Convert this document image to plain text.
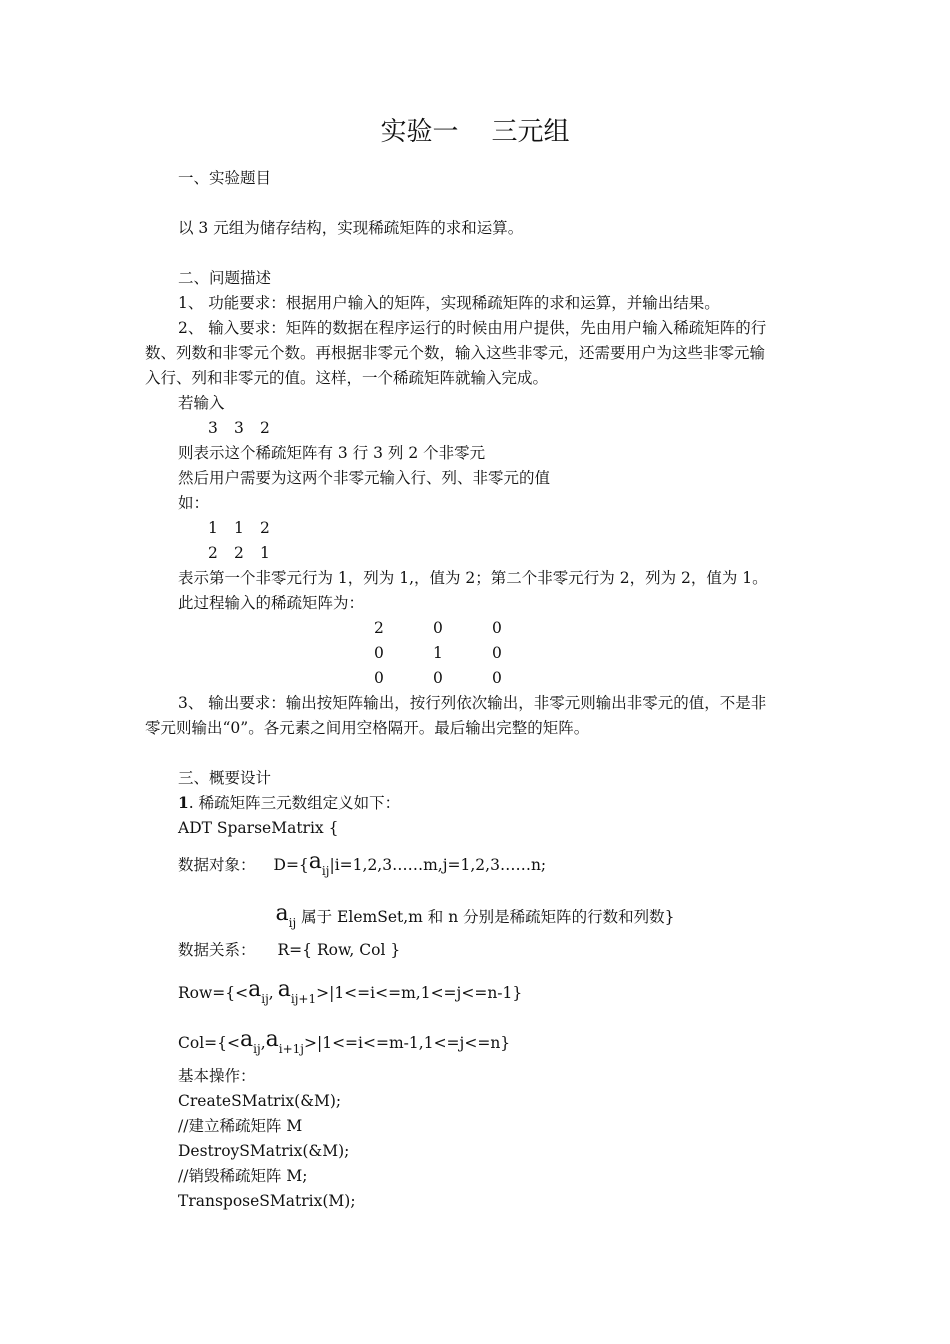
实验一    三元组
一、实验题目
以 3 元组为储存结构，实现稀疏矩阵的求和运算。
二、问题描述
1、 功能要求：根据用户输入的矩阵，实现稀疏矩阵的求和运算，并输出结果。
2、 输入要求：矩阵的数据在程序运行的时候由用户提供，先由用户输入稀疏矩阵的行
数、列数和非零元个数。再根据非零元个数，输入这些非零元，还需要用户为这些非零元输
入行、列和非零元的值。这样，一个稀疏矩阵就输入完成。
若输入
3 3 2
则表示这个稀疏矩阵有 3 行 3 列 2 个非零元
然后用户需要为这两个非零元输入行、列、非零元的值
如：
1 1 2
2 2 1
表示第一个非零元行为 1，列为 1,，值为 2；第二个非零元行为 2，列为 2，值为 1。
此过程输入的稀疏矩阵为：
2	0	0
0	1	0
0	0	0
3、 输出要求：输出按矩阵输出，按行列依次输出，非零元则输出非零元的值，不是非
零元则输出“0”。各元素之间用空格隔开。最后输出完整的矩阵。
三、概要设计
1. 稀疏矩阵三元数组定义如下：
ADT SparseMatrix {
数据对象： $D=\{a_{ij}|i=1,2,3\dots\dots m,j=1,2,3\dots\dots n$;
$a_{ij}$ 属于 ElemSet,m 和 n 分别是稀疏矩阵的行数和列数}
数据关系： R={ Row, Col }
$Row=\{<a_{ij}$, $a_{ij+1}>|1<=i<=m,1<=j<=n-1$}
$Col=\{<a_{ij},a_{i+1j}>|1<=i<=m-1,1<=j<=n\}$
基本操作：
CreateSMatrix(&M);
//建立稀疏矩阵 M
DestroySMatrix(&M);
//销毁稀疏矩阵 M;
TransposeSMatrix(M);
